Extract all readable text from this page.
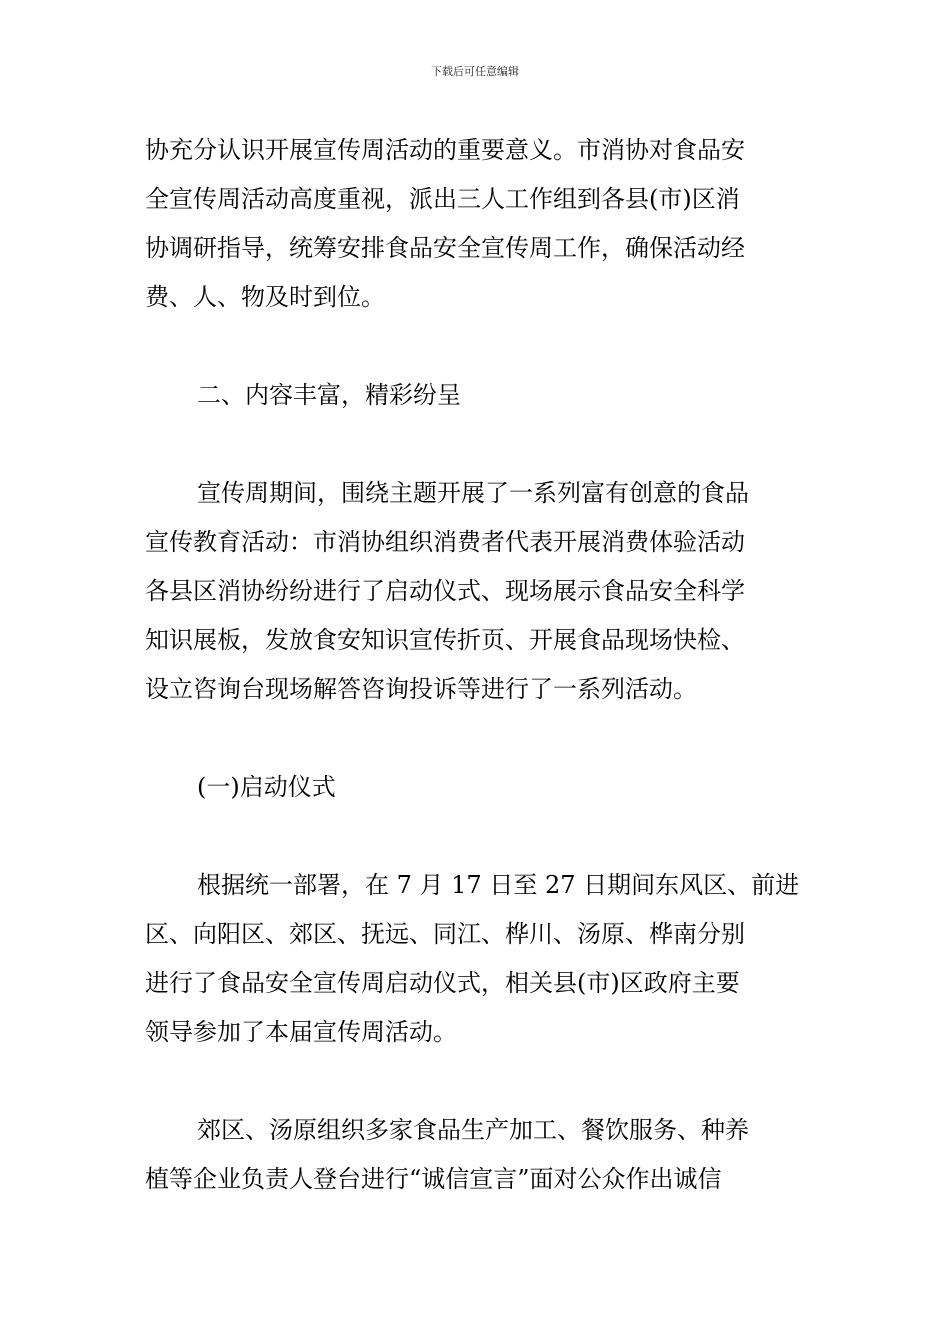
下载后可任意编辑
协充分认识开展宣传周活动的重要意义。市消协对食品安
全宣传周活动高度重视，派出三人工作组到各县(市)区消
协调研指导，统筹安排食品安全宣传周工作，确保活动经
费、人、物及时到位。
二、内容丰富，精彩纷呈
宣传周期间，围绕主题开展了一系列富有创意的食品
宣传教育活动：市消协组织消费者代表开展消费体验活动
各县区消协纷纷进行了启动仪式、现场展示食品安全科学
知识展板，发放食安知识宣传折页、开展食品现场快检、
设立咨询台现场解答咨询投诉等进行了一系列活动。
(一)启动仪式
根据统一部署，在 7 月 17 日至 27 日期间东风区、前进
区、向阳区、郊区、抚远、同江、桦川、汤原、桦南分别
进行了食品安全宣传周启动仪式，相关县(市)区政府主要
领导参加了本届宣传周活动。
郊区、汤原组织多家食品生产加工、餐饮服务、种养
植等企业负责人登台进行“诚信宣言”面对公众作出诚信
